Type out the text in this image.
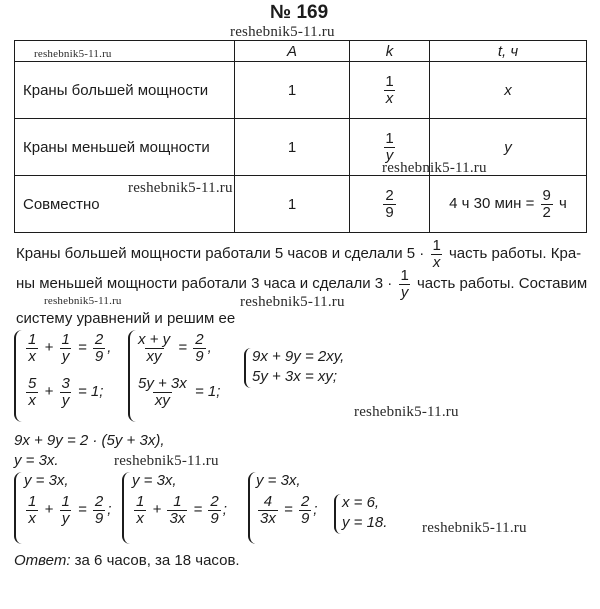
№ 169
	A	k	t, ч
Краны большей мощности	1	$\frac{1}{x}$	x
Краны меньшей мощности	1	$\frac{1}{y}$	y
Совместно	1	$\frac{2}{9}$	4 ч 30 мин = $\frac{9}{2}$ ч
reshebnik5-11.ru
reshebnik5-11.ru
reshebnik5-11.ru
reshebnik5-11.ru
reshebnik5-11.ru	reshebnik5-11.ru
reshebnik5-11.ru
reshebnik5-11.ru
reshebnik5-11.ru
Краны большей мощности работали 5 часов и сделали $5 \cdot \frac{1}{x}$ часть работы. Кра-
ны меньшей мощности работали 3 часа и сделали $3 \cdot \frac{1}{y}$ часть работы. Составим
систему уравнений и решим ее
$\frac{1}{x} + \frac{1}{y} = \frac{2}{9}$ ,
$\frac{5}{x} + \frac{3}{y} = 1$;
$\frac{x + y}{xy} = \frac{2}{9}$ ,
$\frac{5y + 3x}{xy} = 1$;
9x + 9y = 2xy,
5y + 3x = xy;
9x + 9y = 2 · (5y + 3x),
y = 3x.
y = 3x,
$\frac{1}{x} + \frac{1}{y} = \frac{2}{9}$ ;
y = 3x,
$\frac{1}{x} + \frac{1}{3x} = \frac{2}{9}$ ;
y = 3x,
$\frac{4}{3x} = \frac{2}{9}$ ; x = 6,
y = 18.
Ответ: за 6 часов, за 18 часов.
